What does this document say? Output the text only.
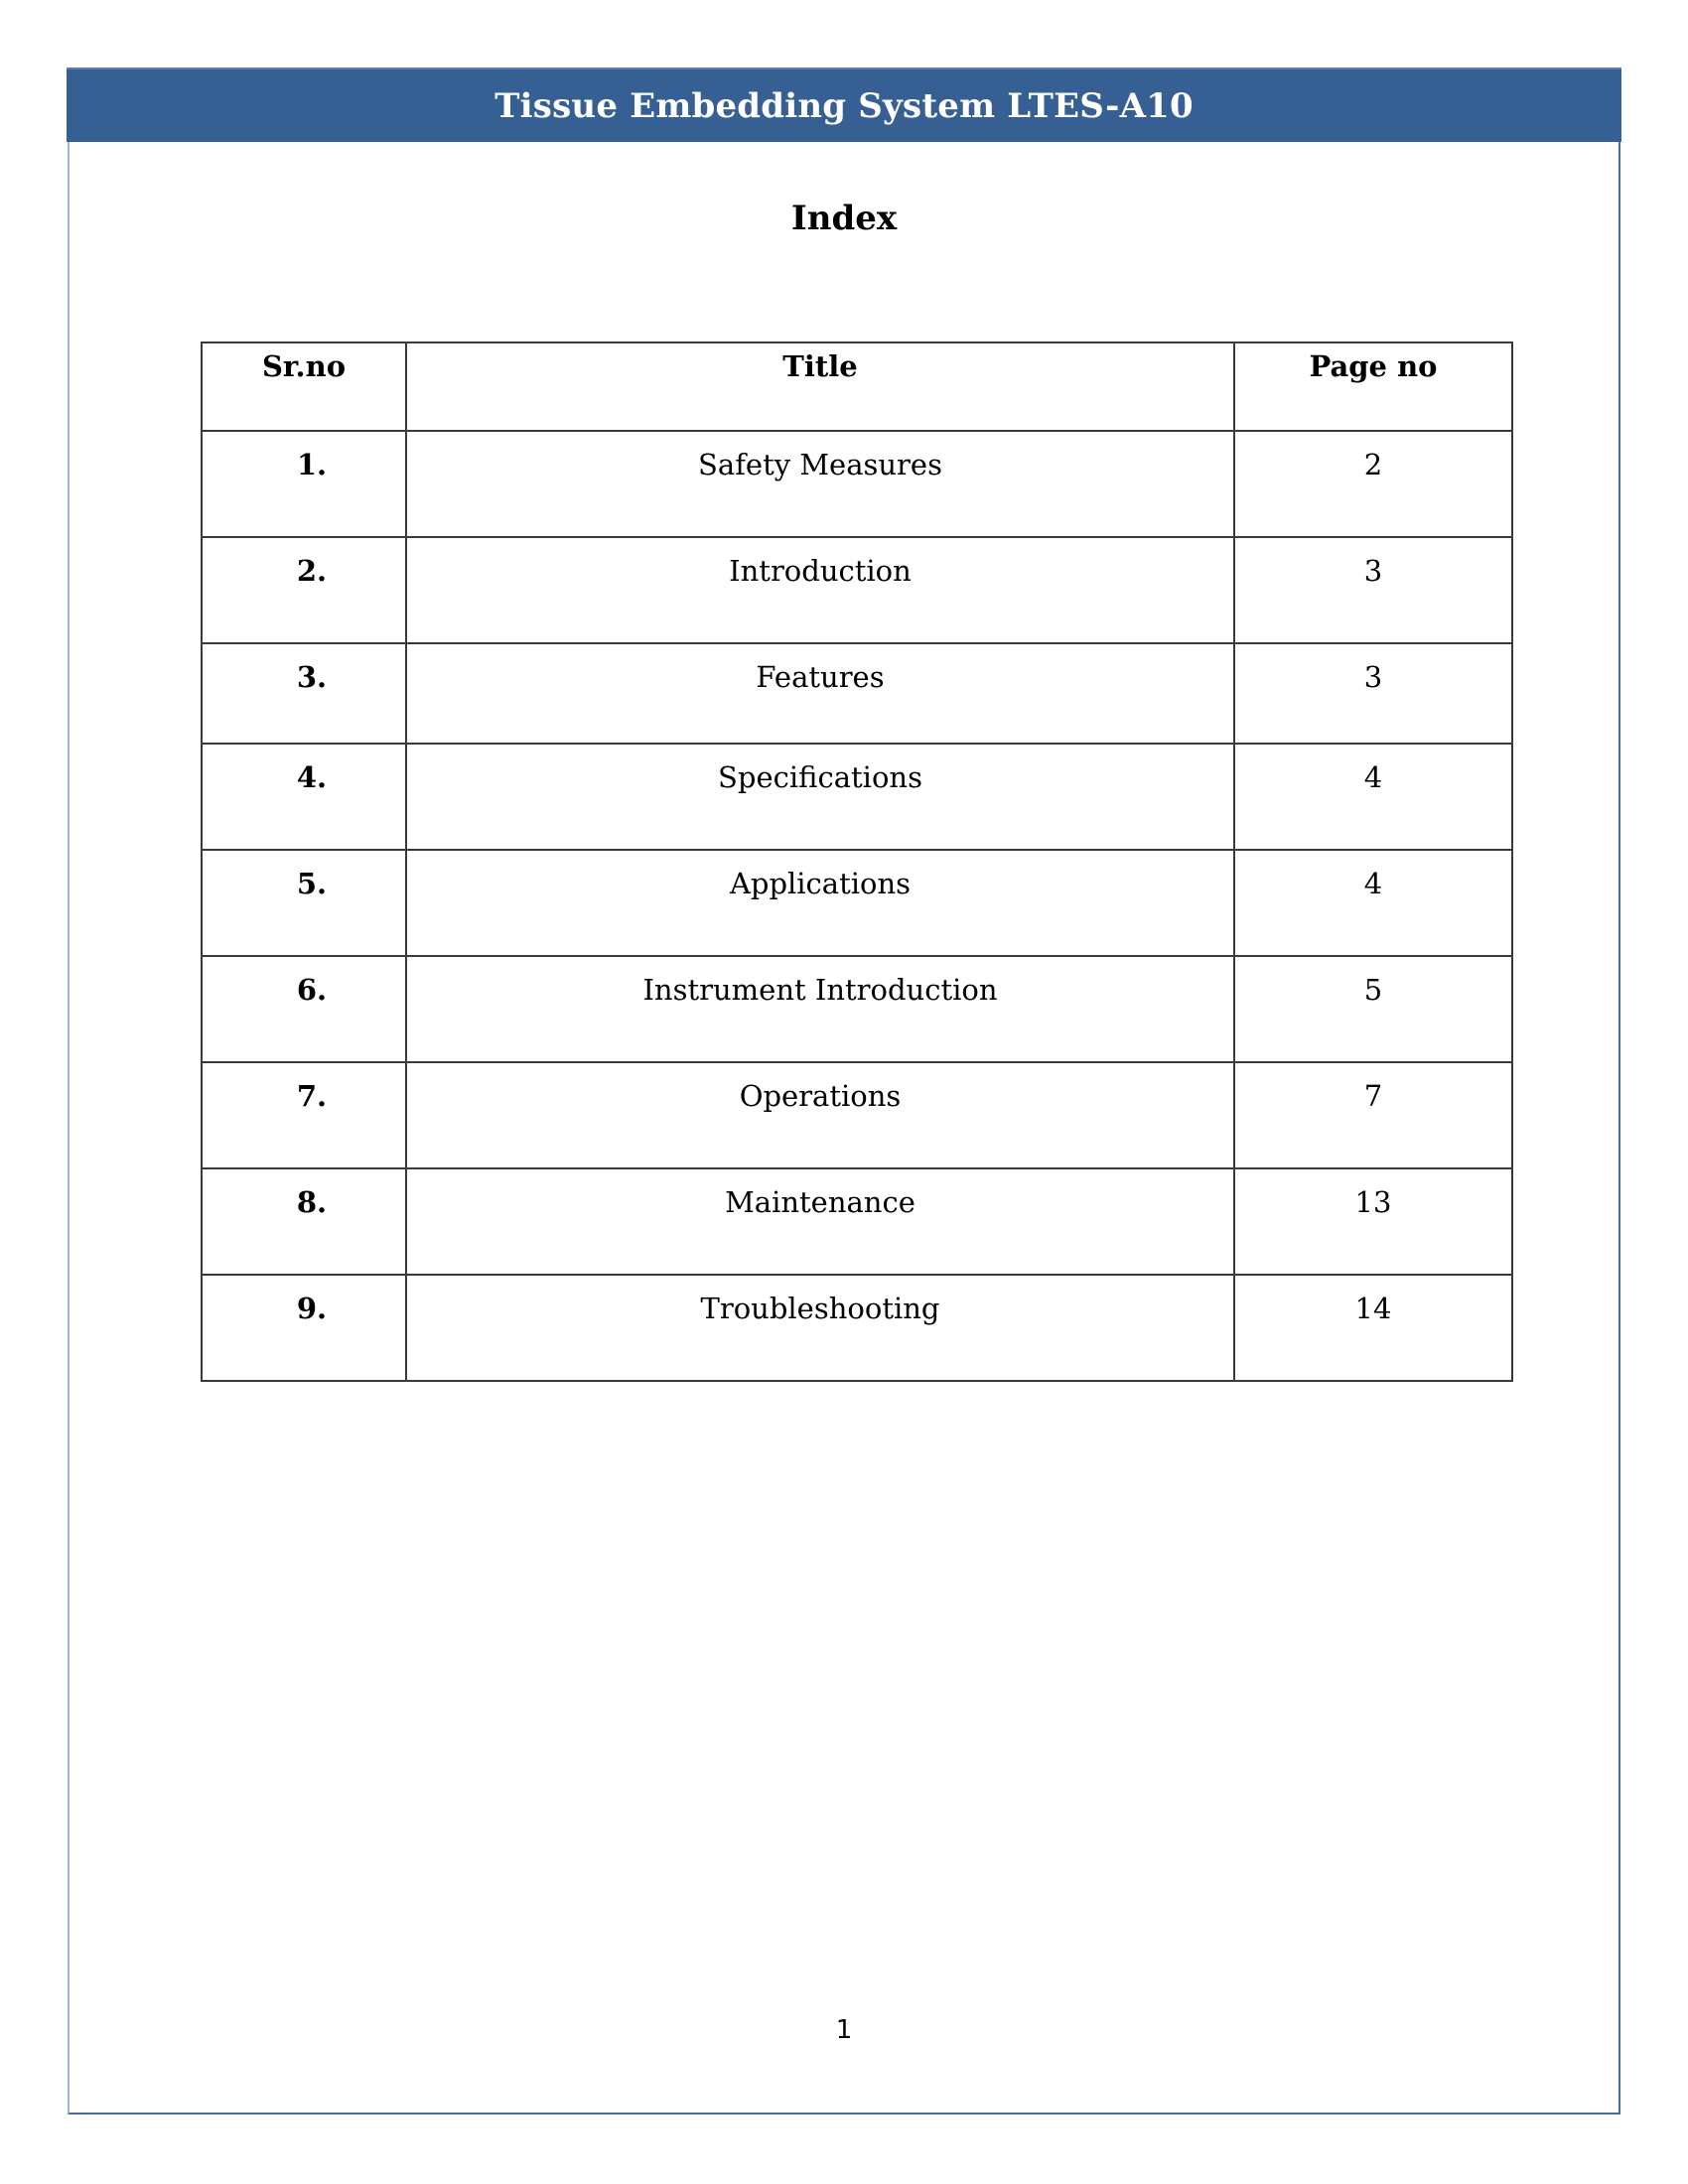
Tissue Embedding System LTES-A10
Index
Sr.no	Title	Page no
1.	Safety Measures	2
2.	Introduction	3
3.	Features	3
4.	Specifications	4
5.	Applications	4
6.	Instrument Introduction	5
7.	Operations	7
8.	Maintenance	13
9.	Troubleshooting	14
1
